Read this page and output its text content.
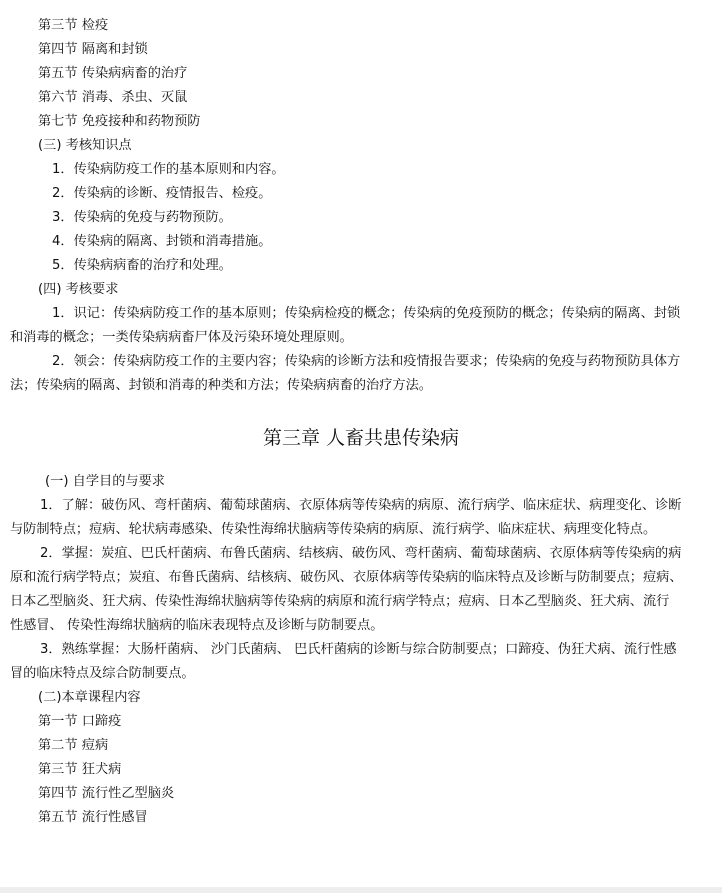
第三节 检疫
第四节 隔离和封锁
第五节 传染病病畜的治疗
第六节 消毒、杀虫、灭鼠
第七节 免疫接种和药物预防
(三) 考核知识点
1．传染病防疫工作的基本原则和内容。
2．传染病的诊断、疫情报告、检疫。
3．传染病的免疫与药物预防。
4．传染病的隔离、封锁和消毒措施。
5．传染病病畜的治疗和处理。
(四) 考核要求
1．识记：传染病防疫工作的基本原则；传染病检疫的概念；传染病的免疫预防的概念；传染病的隔离、封锁
和消毒的概念；一类传染病病畜尸体及污染环境处理原则。
2．领会：传染病防疫工作的主要内容；传染病的诊断方法和疫情报告要求；传染病的免疫与药物预防具体方
法；传染病的隔离、封锁和消毒的种类和方法；传染病病畜的治疗方法。
第三章 人畜共患传染病
(一) 自学目的与要求
1．了解：破伤风、弯杆菌病、葡萄球菌病、衣原体病等传染病的病原、流行病学、临床症状、病理变化、诊断
与防制特点；痘病、轮状病毒感染、传染性海绵状脑病等传染病的病原、流行病学、临床症状、病理变化特点。
2．掌握：炭疽、巴氏杆菌病、布鲁氏菌病、结核病、破伤风、弯杆菌病、葡萄球菌病、衣原体病等传染病的病
原和流行病学特点；炭疽、布鲁氏菌病、结核病、破伤风、衣原体病等传染病的临床特点及诊断与防制要点；痘病、
日本乙型脑炎、狂犬病、传染性海绵状脑病等传染病的病原和流行病学特点；痘病、日本乙型脑炎、狂犬病、流行
性感冒、 传染性海绵状脑病的临床表现特点及诊断与防制要点。
3．熟练掌握：大肠杆菌病、 沙门氏菌病、 巴氏杆菌病的诊断与综合防制要点；口蹄疫、伪狂犬病、流行性感
冒的临床特点及综合防制要点。
(二)本章课程内容
第一节 口蹄疫
第二节 痘病
第三节 狂犬病
第四节 流行性乙型脑炎
第五节 流行性感冒
